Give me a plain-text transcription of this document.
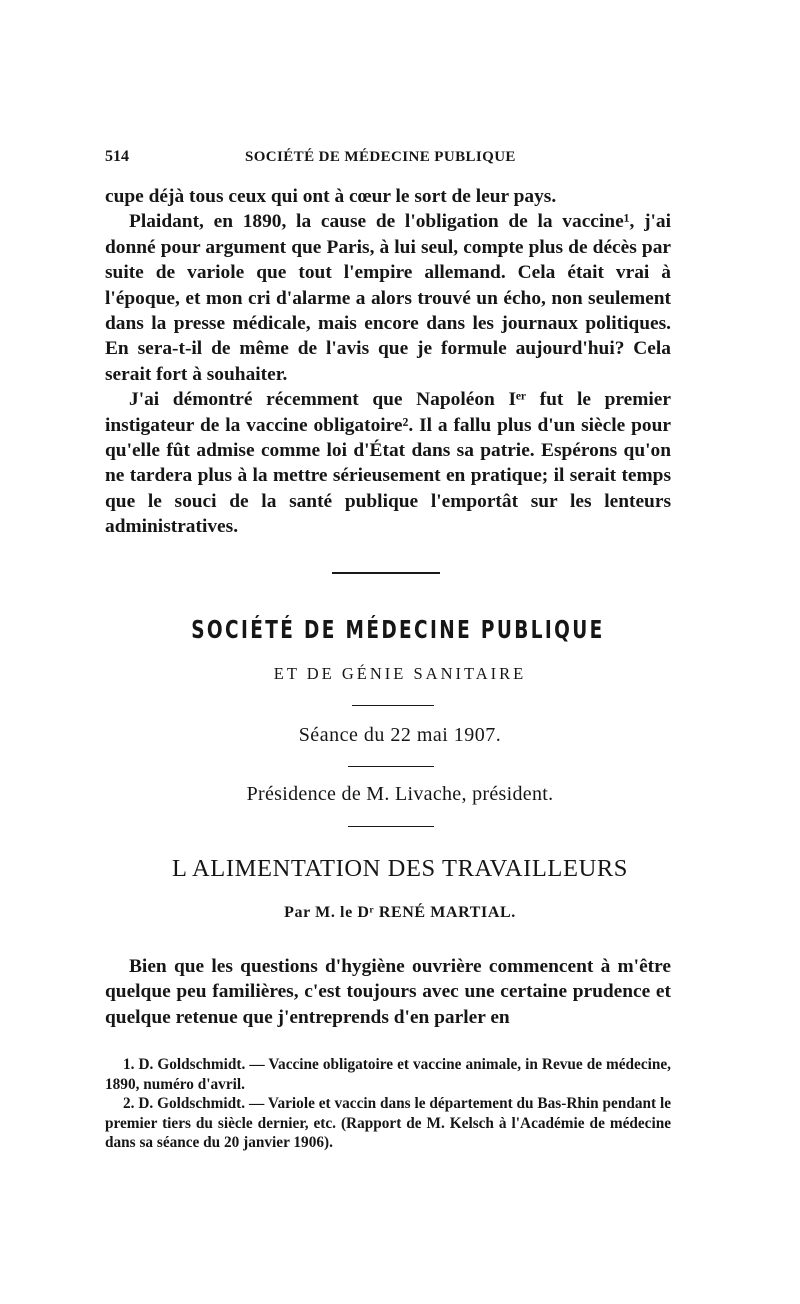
514	SOCIÉTÉ DE MÉDECINE PUBLIQUE

cupe déjà tous ceux qui ont à cœur le sort de leur pays.

Plaidant, en 1890, la cause de l'obligation de la vaccine¹, j'ai donné pour argument que Paris, à lui seul, compte plus de décès par suite de variole que tout l'empire allemand. Cela était vrai à l'époque, et mon cri d'alarme a alors trouvé un écho, non seulement dans la presse médicale, mais encore dans les journaux politiques. En sera-t-il de même de l'avis que je formule aujourd'hui? Cela serait fort à souhaiter.

J'ai démontré récemment que Napoléon Iᵉʳ fut le premier instigateur de la vaccine obligatoire². Il a fallu plus d'un siècle pour qu'elle fût admise comme loi d'État dans sa patrie. Espérons qu'on ne tardera plus à la mettre sérieusement en pratique; il serait temps que le souci de la santé publique l'emportât sur les lenteurs administratives.

SOCIÉTÉ DE MÉDECINE PUBLIQUE
ET DE GÉNIE SANITAIRE
Séance du 22 mai 1907.
Présidence de M. Livache, président.
L ALIMENTATION DES TRAVAILLEURS
Par M. le Dʳ RENÉ MARTIAL.

Bien que les questions d'hygiène ouvrière commencent à m'être quelque peu familières, c'est toujours avec une certaine prudence et quelque retenue que j'entreprends d'en parler en

1. D. Goldschmidt. — Vaccine obligatoire et vaccine animale, in Revue de médecine, 1890, numéro d'avril.

2. D. Goldschmidt. — Variole et vaccin dans le département du Bas-Rhin pendant le premier tiers du siècle dernier, etc. (Rapport de M. Kelsch à l'Académie de médecine dans sa séance du 20 janvier 1906).
